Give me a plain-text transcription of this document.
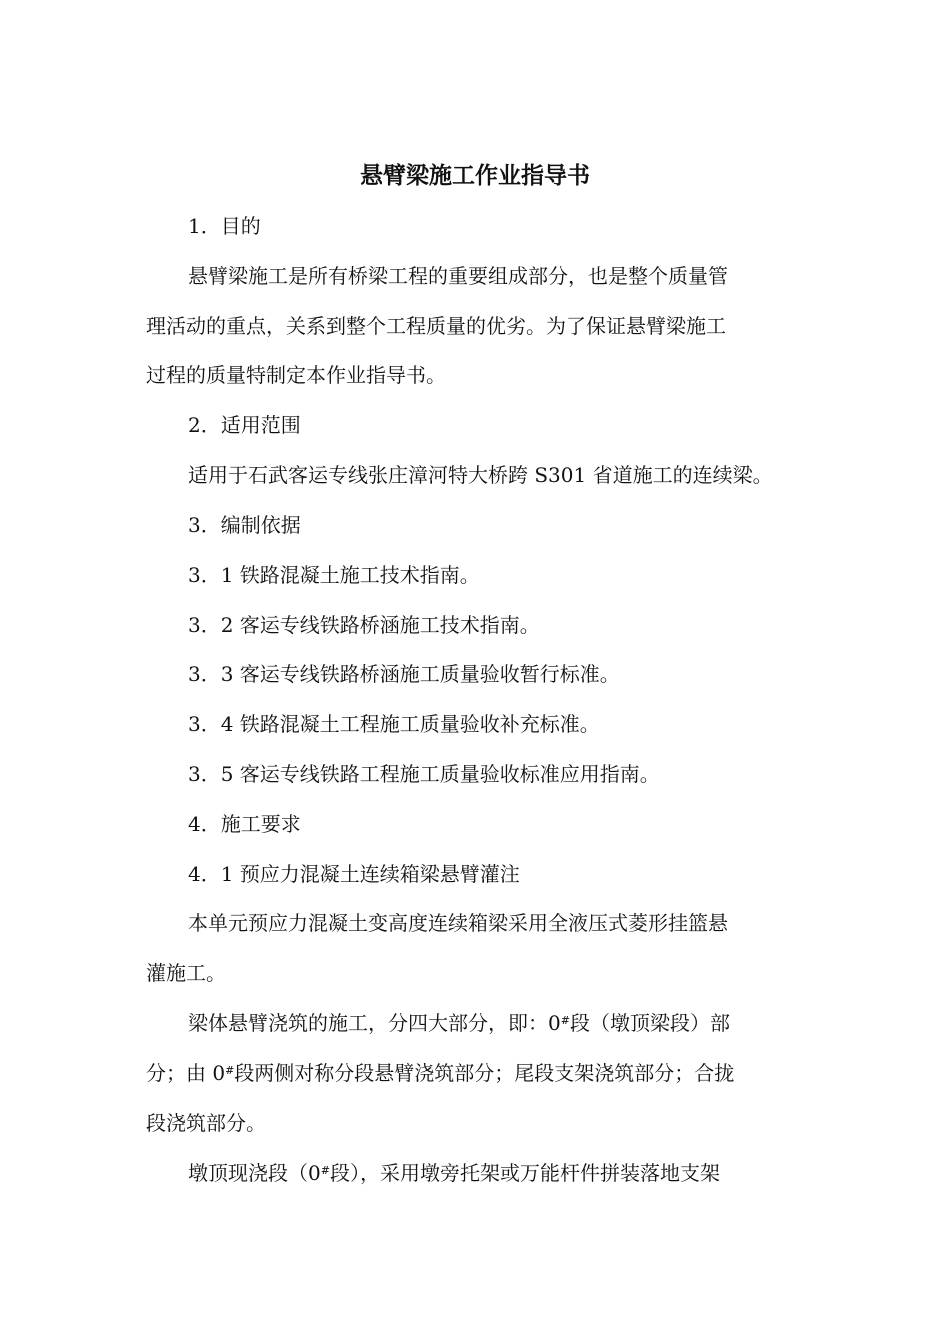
悬臂梁施工作业指导书

1．目的

悬臂梁施工是所有桥梁工程的重要组成部分，也是整个质量管

理活动的重点，关系到整个工程质量的优劣。为了保证悬臂梁施工

过程的质量特制定本作业指导书。

2．适用范围

适用于石武客运专线张庄漳河特大桥跨 S301 省道施工的连续梁。

3．编制依据

3．1 铁路混凝土施工技术指南。

3．2 客运专线铁路桥涵施工技术指南。

3．3 客运专线铁路桥涵施工质量验收暂行标准。

3．4 铁路混凝土工程施工质量验收补充标准。

3．5 客运专线铁路工程施工质量验收标准应用指南。

4．施工要求

4．1 预应力混凝土连续箱梁悬臂灌注

本单元预应力混凝土变高度连续箱梁采用全液压式菱形挂篮悬

灌施工。

梁体悬臂浇筑的施工，分四大部分，即：0#段（墩顶梁段）部

分；由 0#段两侧对称分段悬臂浇筑部分；尾段支架浇筑部分；合拢

段浇筑部分。

墩顶现浇段（0#段），采用墩旁托架或万能杆件拼装落地支架
